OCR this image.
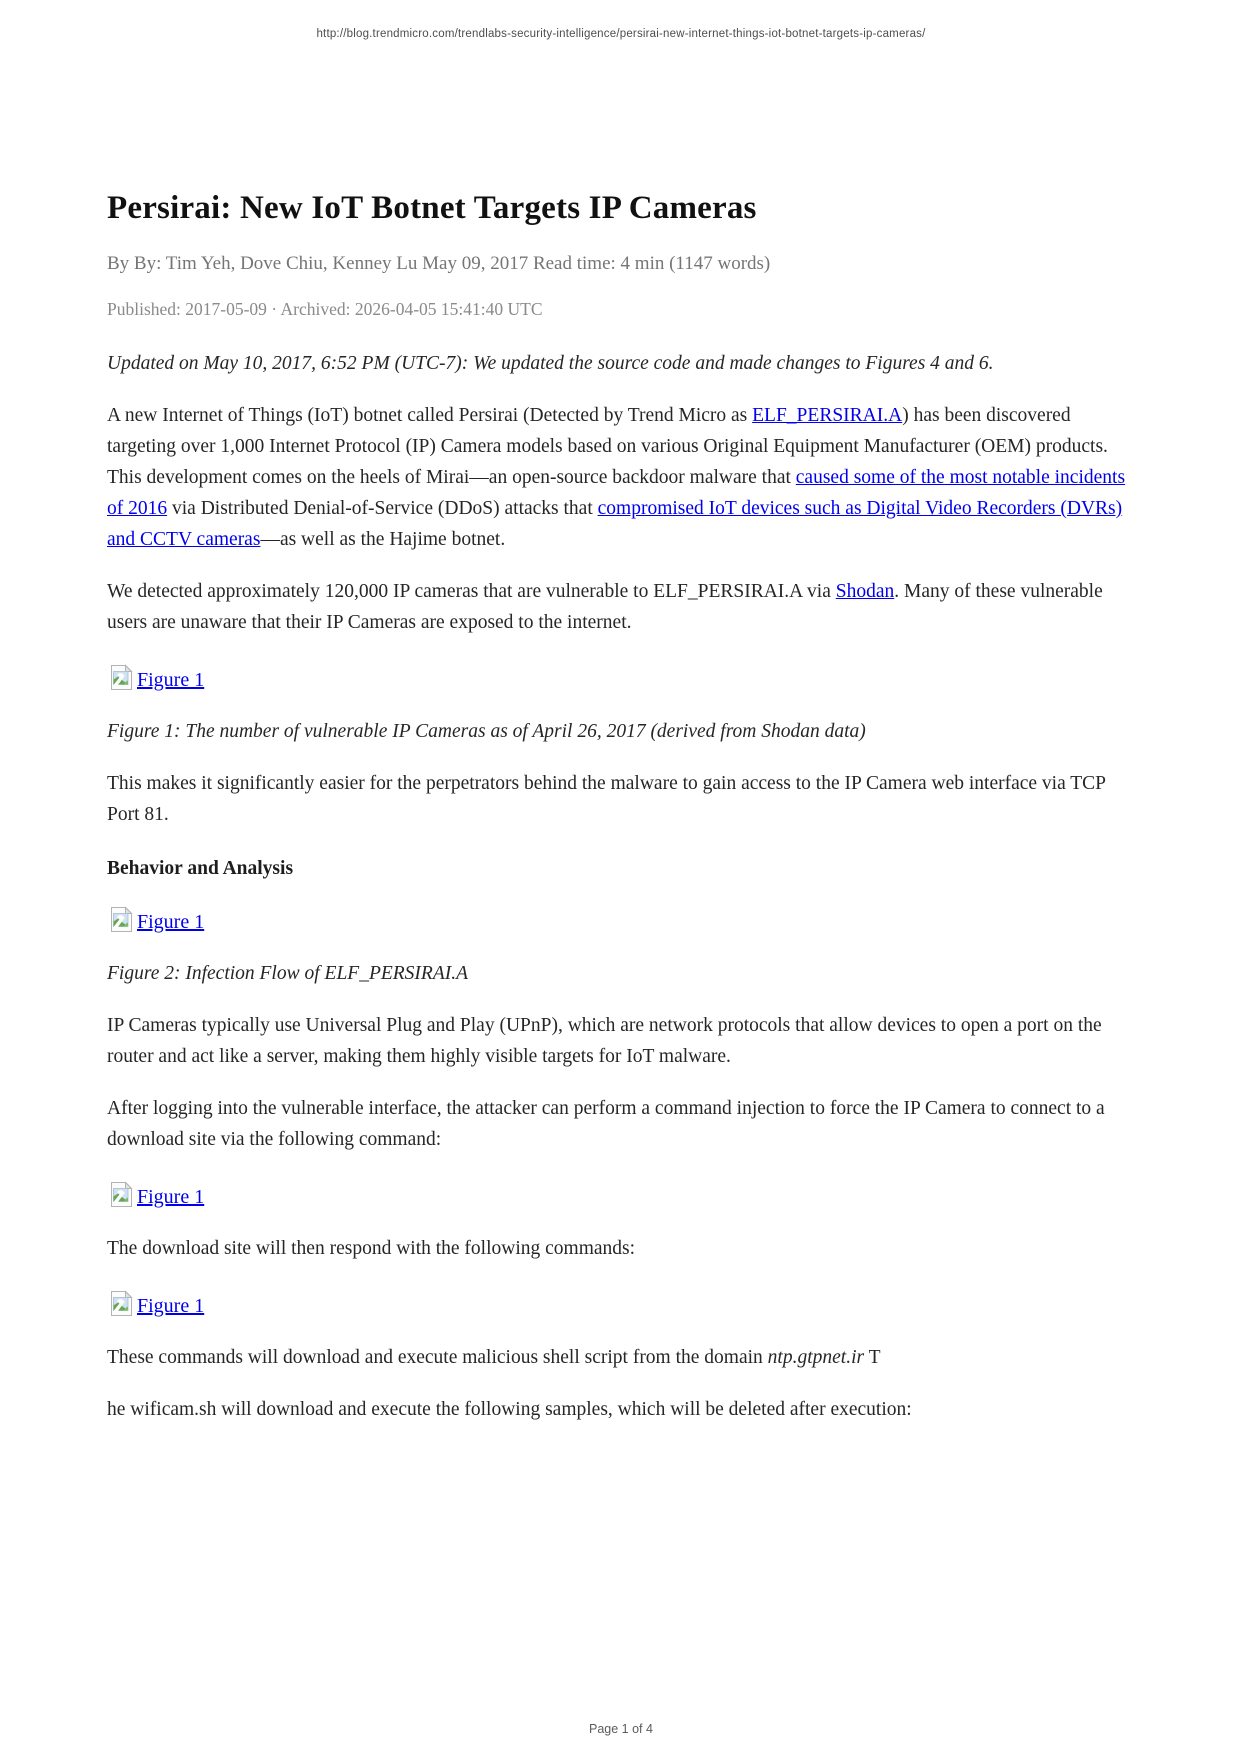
http://blog.trendmicro.com/trendlabs-security-intelligence/persirai-new-internet-things-iot-botnet-targets-ip-cameras/
Persirai: New IoT Botnet Targets IP Cameras
By By: Tim Yeh, Dove Chiu, Kenney Lu May 09, 2017 Read time: 4 min (1147 words)
Published: 2017-05-09 · Archived: 2026-04-05 15:41:40 UTC

Updated on May 10, 2017, 6:52 PM (UTC-7): We updated the source code and made changes to Figures 4 and 6.

A new Internet of Things (IoT) botnet called Persirai (Detected by Trend Micro as ELF_PERSIRAI.A) has been discovered targeting over 1,000 Internet Protocol (IP) Camera models based on various Original Equipment Manufacturer (OEM) products. This development comes on the heels of Mirai—an open-source backdoor malware that caused some of the most notable incidents of 2016 via Distributed Denial-of-Service (DDoS) attacks that compromised IoT devices such as Digital Video Recorders (DVRs) and CCTV cameras—as well as the Hajime botnet.

We detected approximately 120,000 IP cameras that are vulnerable to ELF_PERSIRAI.A via Shodan. Many of these vulnerable users are unaware that their IP Cameras are exposed to the internet.

Figure 1

Figure 1: The number of vulnerable IP Cameras as of April 26, 2017 (derived from Shodan data)

This makes it significantly easier for the perpetrators behind the malware to gain access to the IP Camera web interface via TCP Port 81.

Behavior and Analysis
Figure 1

Figure 2: Infection Flow of ELF_PERSIRAI.A

IP Cameras typically use Universal Plug and Play (UPnP), which are network protocols that allow devices to open a port on the router and act like a server, making them highly visible targets for IoT malware.

After logging into the vulnerable interface, the attacker can perform a command injection to force the IP Camera to connect to a download site via the following command:

Figure 1

The download site will then respond with the following commands:

Figure 1

These commands will download and execute malicious shell script from the domain ntp.gtpnet.ir T

he wificam.sh will download and execute the following samples, which will be deleted after execution:

Page 1 of 4
